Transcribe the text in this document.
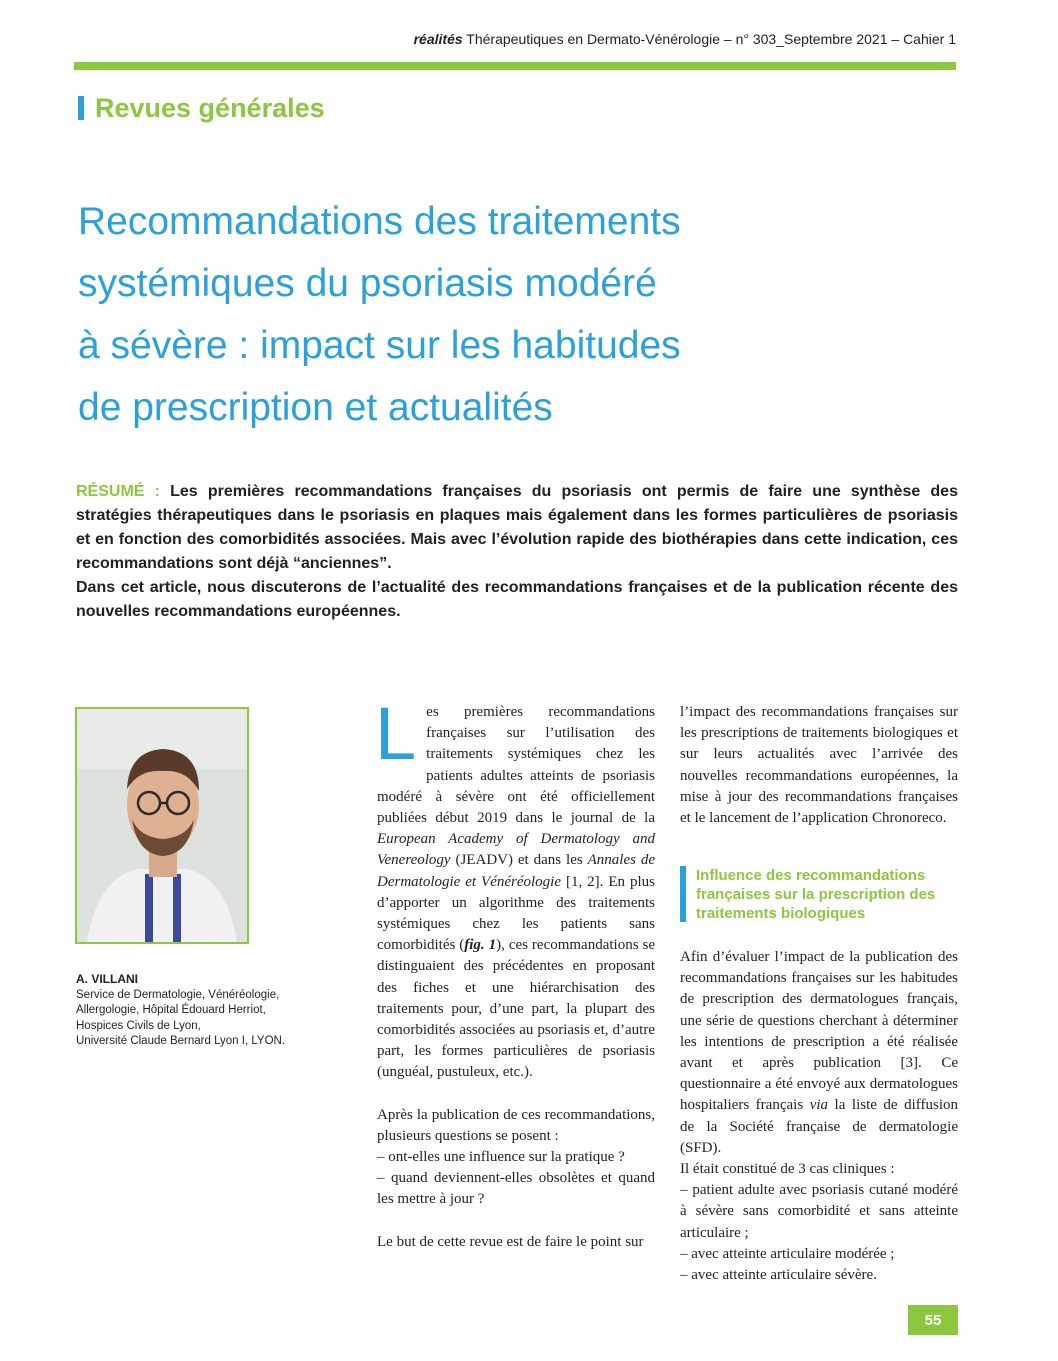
réalités Thérapeutiques en Dermato-Vénérologie – n° 303_Septembre 2021 – Cahier 1
Revues générales
Recommandations des traitements
systémiques du psoriasis modéré
à sévère : impact sur les habitudes
de prescription et actualités

RÉSUMÉ : Les premières recommandations françaises du psoriasis ont permis de faire une synthèse des stratégies thérapeutiques dans le psoriasis en plaques mais également dans les formes particulières de psoriasis et en fonction des comorbidités associées. Mais avec l’évolution rapide des biothérapies dans cette indication, ces recommandations sont déjà “anciennes”.

Dans cet article, nous discuterons de l’actualité des recommandations françaises et de la publication récente des nouvelles recommandations européennes.

A. VILLANI
Service de Dermatologie, Vénéréologie,
Allergologie, Hôpital Édouard Herriot,
Hospices Civils de Lyon,
Université Claude Bernard Lyon I, LYON.

Les premières recommandations françaises sur l’utilisation des traitements systémiques chez les patients adultes atteints de psoriasis modéré à sévère ont été officiellement publiées début 2019 dans le journal de la European Academy of Dermatology and Venereology (JEADV) et dans les Annales de Dermatologie et Vénéréologie [1, 2]. En plus d’apporter un algorithme des traitements systémiques chez les patients sans comorbidités (fig. 1), ces recommandations se distinguaient des précédentes en proposant des fiches et une hiérarchisation des traitements pour, d’une part, la plupart des comorbidités associées au psoriasis et, d’autre part, les formes particulières de psoriasis (unguéal, pustuleux, etc.).

Après la publication de ces recommandations, plusieurs questions se posent :

– ont-elles une influence sur la pratique ?

– quand deviennent-elles obsolètes et quand les mettre à jour ?

Le but de cette revue est de faire le point sur

l’impact des recommandations françaises sur les prescriptions de traitements biologiques et sur leurs actualités avec l’arrivée des nouvelles recommandations européennes, la mise à jour des recommandations françaises et le lancement de l’application Chronoreco.

Influence des recommandations françaises sur la prescription des traitements biologiques

Afin d’évaluer l’impact de la publication des recommandations françaises sur les habitudes de prescription des dermatologues français, une série de questions cherchant à déterminer les intentions de prescription a été réalisée avant et après publication [3]. Ce questionnaire a été envoyé aux dermatologues hospitaliers français via la liste de diffusion de la Société française de dermatologie (SFD).

Il était constitué de 3 cas cliniques :

– patient adulte avec psoriasis cutané modéré à sévère sans comorbidité et sans atteinte articulaire ;

– avec atteinte articulaire modérée ;

– avec atteinte articulaire sévère.

55
